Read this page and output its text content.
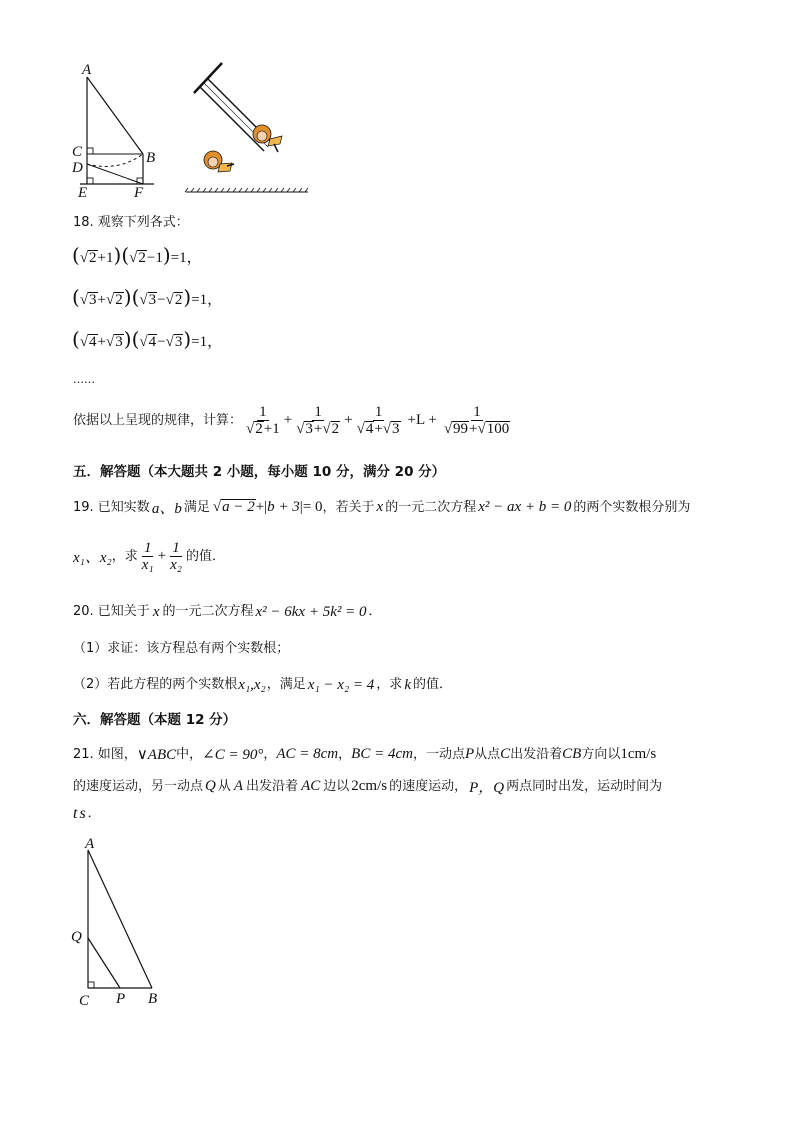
A
C
D
B
E	F
18. 观察下列各式：
( √ 2 +1)( √ 2 −1)=1，
( √ 3 + √ 2 )( √ 3 − √ 2 )=1，
( √ 4 + √ 3 )( √ 4 − √ 3 )=1，
……
依据以上呈现的规律，计算： $\frac{1}{√ 2 +1} + \frac{1}{√ 3 + √ 2} + \frac{1}{√ 4 + √ 3} +L + \frac{1}{√ 99 + √ 100}$
五．解答题（本大题共 2 小题，每小题 10 分，满分 20 分）
19. 已知实数 a、b 满足 √ a − 2 +|b + 3|= 0 ，若关于 x 的一元二次方程 x² − ax + b = 0 的两个实数根分别为
x₁、x₂ ，求 $\frac{1}{\text{x₁}} + \frac{1}{\text{x₂}}$ 的值．
20. 已知关于 x 的一元二次方程 x² − 6kx + 5k² = 0 ．
（1）求证：该方程总有两个实数根；
（2）若此方程的两个实数根 x₁,x₂ ，满足 x₁ − x₂ = 4 ，求 k 的值．
六．解答题（本题 12 分）
21. 如图， ∨ABC 中， ∠C = 90° ， AC = 8cm ， BC = 4cm ，一动点 P 从点 C 出发沿着 CB 方向以 1cm/s
的速度运动，另一动点 Q 从 A 出发沿着 AC 边以 2cm/s 的速度运动， P，Q 两点同时出发，运动时间为
ts ．
A
Q
C P B
